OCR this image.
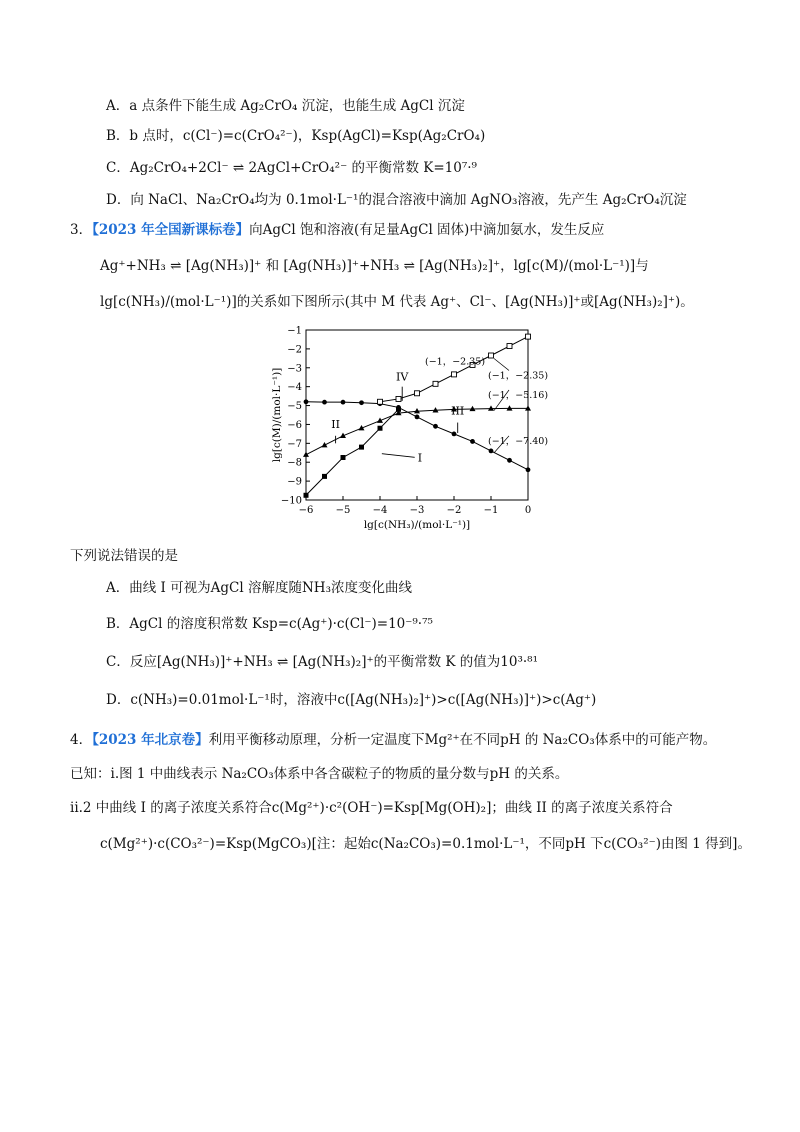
A．a 点条件下能生成 Ag₂CrO₄ 沉淀，也能生成 AgCl 沉淀
B．b 点时，c(Cl⁻)=c(CrO₄²⁻)，Ksp(AgCl)=Ksp(Ag₂CrO₄)
C．Ag₂CrO₄+2Cl⁻ ⇌ 2AgCl+CrO₄²⁻ 的平衡常数 K=10⁷·⁹
D．向 NaCl、Na₂CrO₄均为 0.1mol·L⁻¹的混合溶液中滴加 AgNO₃溶液，先产生 Ag₂CrO₄沉淀
3．【2023 年全国新课标卷】向AgCl 饱和溶液(有足量AgCl 固体)中滴加氨水，发生反应
Ag⁺+NH₃ ⇌ [Ag(NH₃)]⁺ 和 [Ag(NH₃)]⁺+NH₃ ⇌ [Ag(NH₃)₂]⁺，lg[c(M)/(mol·L⁻¹)]与
lg[c(NH₃)/(mol·L⁻¹)]的关系如下图所示(其中 M 代表 Ag⁺、Cl⁻、[Ag(NH₃)]⁺或[Ag(NH₃)₂]⁺)。
−6 −5 −4 −3 −2 −1	0
−1
−2
−3
−4
−5
−6
−7
−8
−9
−10
lg[c(NH₃)/(mol·L⁻¹)]
lg[c(M)/(mol·L⁻¹)]	I
II
III
IV
(−1，−2.35)
(−1，−2.35)
(−1，−5.16)
(−1，−7.40)
下列说法错误的是
A．曲线 I 可视为AgCl 溶解度随NH₃浓度变化曲线
B．AgCl 的溶度积常数 Ksp=c(Ag⁺)·c(Cl⁻)=10⁻⁹·⁷⁵
C．反应[Ag(NH₃)]⁺+NH₃ ⇌ [Ag(NH₃)₂]⁺的平衡常数 K 的值为10³·⁸¹
D．c(NH₃)=0.01mol·L⁻¹时，溶液中c([Ag(NH₃)₂]⁺)>c([Ag(NH₃)]⁺)>c(Ag⁺)
4．【2023 年北京卷】利用平衡移动原理，分析一定温度下Mg²⁺在不同pH 的 Na₂CO₃体系中的可能产物。
已知：i.图 1 中曲线表示 Na₂CO₃体系中各含碳粒子的物质的量分数与pH 的关系。
ii.2 中曲线 I 的离子浓度关系符合c(Mg²⁺)·c²(OH⁻)=Ksp[Mg(OH)₂]；曲线 II 的离子浓度关系符合
c(Mg²⁺)·c(CO₃²⁻)=Ksp(MgCO₃)[注：起始c(Na₂CO₃)=0.1mol·L⁻¹，不同pH 下c(CO₃²⁻)由图 1 得到]。
